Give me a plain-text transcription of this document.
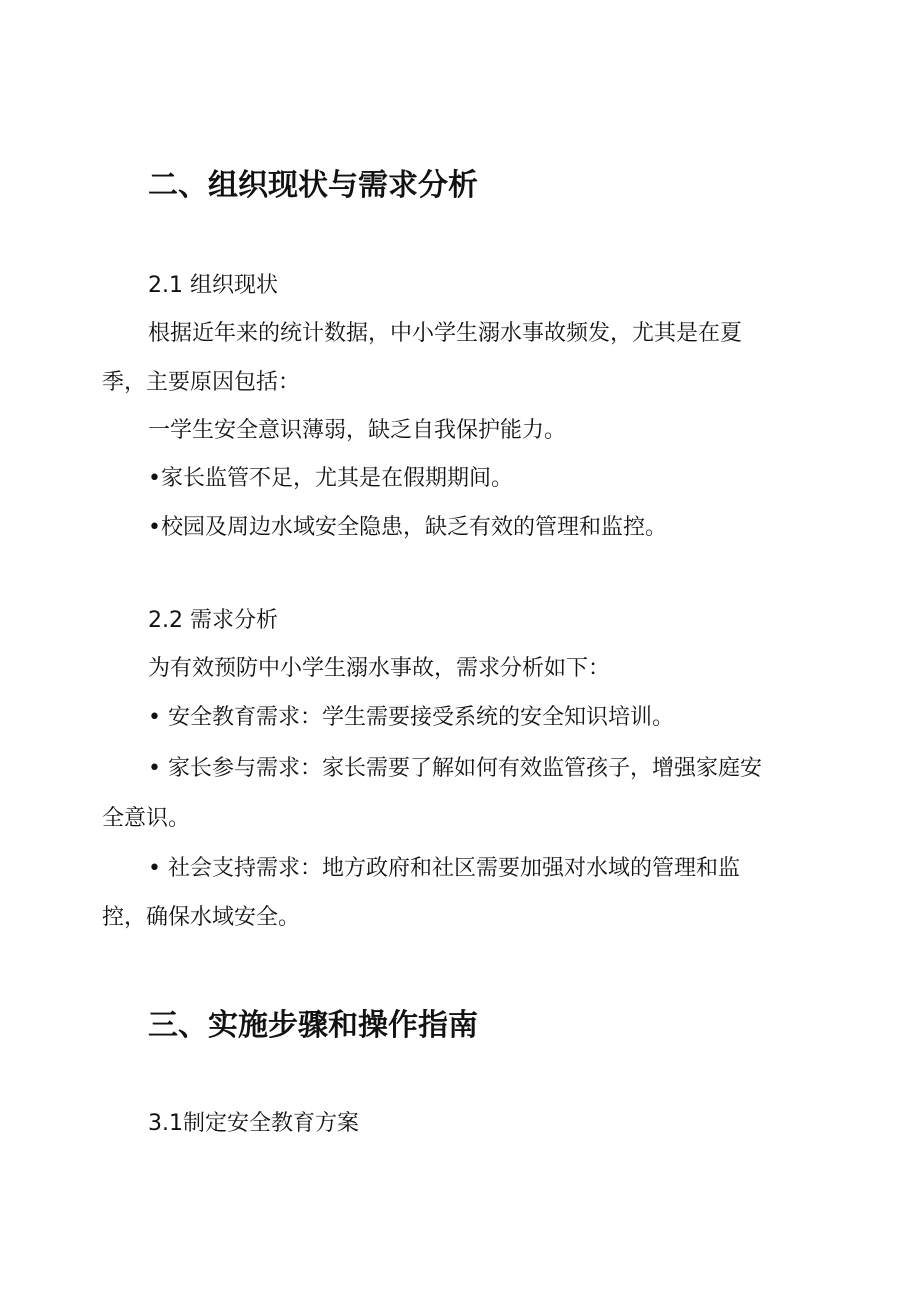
二、组织现状与需求分析
2.1 组织现状
根据近年来的统计数据，中小学生溺水事故频发，尤其是在夏
季，主要原因包括：
一学生安全意识薄弱，缺乏自我保护能力。
•家长监管不足，尤其是在假期期间。
•校园及周边水域安全隐患，缺乏有效的管理和监控。
2.2 需求分析
为有效预防中小学生溺水事故，需求分析如下：
• 安全教育需求：学生需要接受系统的安全知识培训。
• 家长参与需求：家长需要了解如何有效监管孩子，增强家庭安
全意识。
• 社会支持需求：地方政府和社区需要加强对水域的管理和监
控，确保水域安全。
三、实施步骤和操作指南
3.1制定安全教育方案
